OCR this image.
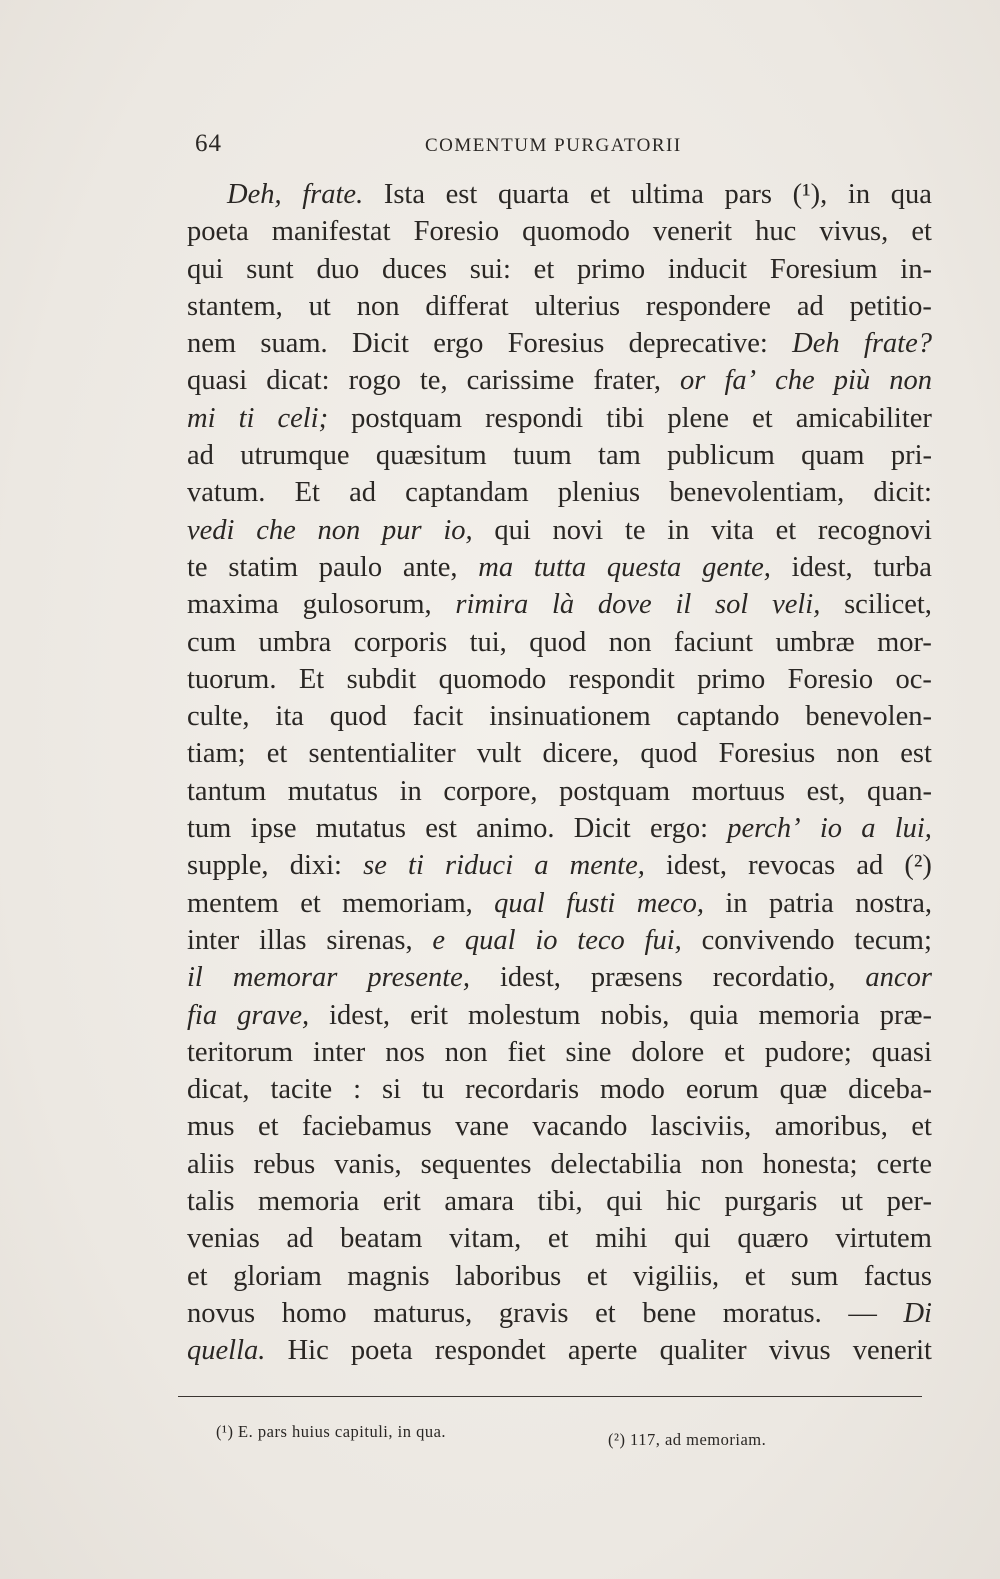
64	COMENTUM PURGATORII
Deh, frate. Ista est quarta et ultima pars (¹), in qua
poeta manifestat Foresio quomodo venerit huc vivus, et
qui sunt duo duces sui: et primo inducit Foresium in-
stantem, ut non differat ulterius respondere ad petitio-
nem suam. Dicit ergo Foresius deprecative: Deh frate?
quasi dicat: rogo te, carissime frater, or fa’ che più non
mi ti celi; postquam respondi tibi plene et amicabiliter
ad utrumque quæsitum tuum tam publicum quam pri-
vatum. Et ad captandam plenius benevolentiam, dicit:
vedi che non pur io, qui novi te in vita et recognovi
te statim paulo ante, ma tutta questa gente, idest, turba
maxima gulosorum, rimira là dove il sol veli, scilicet,
cum umbra corporis tui, quod non faciunt umbræ mor-
tuorum. Et subdit quomodo respondit primo Foresio oc-
culte, ita quod facit insinuationem captando benevolen-
tiam; et sententialiter vult dicere, quod Foresius non est
tantum mutatus in corpore, postquam mortuus est, quan-
tum ipse mutatus est animo. Dicit ergo: perch’ io a lui,
supple, dixi: se ti riduci a mente, idest, revocas ad (²)
mentem et memoriam, qual fusti meco, in patria nostra,
inter illas sirenas, e qual io teco fui, convivendo tecum;
il memorar presente, idest, præsens recordatio, ancor
fia grave, idest, erit molestum nobis, quia memoria præ-
teritorum inter nos non fiet sine dolore et pudore; quasi
dicat, tacite : si tu recordaris modo eorum quæ diceba-
mus et faciebamus vane vacando lasciviis, amoribus, et
aliis rebus vanis, sequentes delectabilia non honesta; certe
talis memoria erit amara tibi, qui hic purgaris ut per-
venias ad beatam vitam, et mihi qui quæro virtutem
et gloriam magnis laboribus et vigiliis, et sum factus
novus homo maturus, gravis et bene moratus. — Di
quella. Hic poeta respondet aperte qualiter vivus venerit
(¹) E. pars huius capituli, in qua.	(²) 117, ad memoriam.
